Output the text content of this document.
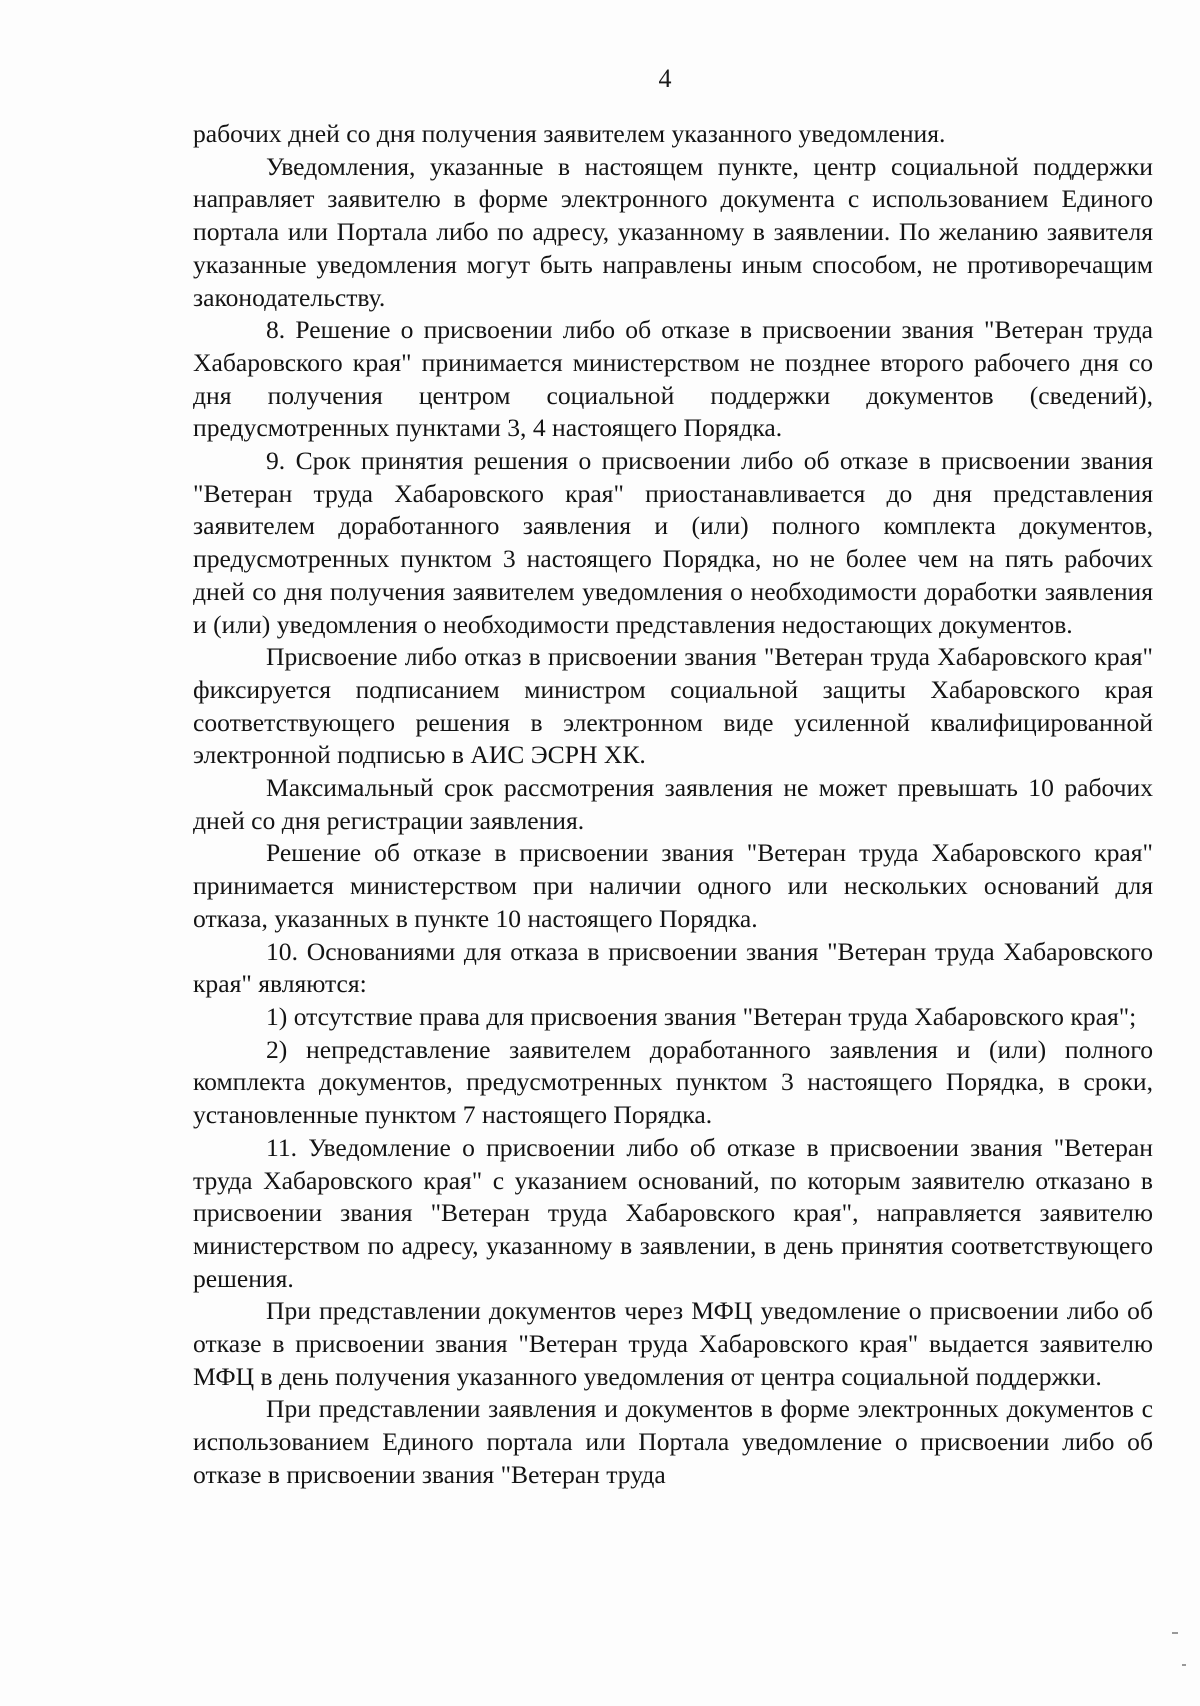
4

рабочих дней со дня получения заявителем указанного уведомления.

Уведомления, указанные в настоящем пункте, центр социальной поддержки направляет заявителю в форме электронного документа с использованием Единого портала или Портала либо по адресу, указанному в заявлении. По желанию заявителя указанные уведомления могут быть направлены иным способом, не противоречащим законодательству.

8. Решение о присвоении либо об отказе в присвоении звания "Ветеран труда Хабаровского края" принимается министерством не позднее второго рабочего дня со дня получения центром социальной поддержки документов (сведений), предусмотренных пунктами 3, 4 настоящего Порядка.

9. Срок принятия решения о присвоении либо об отказе в присвоении звания "Ветеран труда Хабаровского края" приостанавливается до дня представления заявителем доработанного заявления и (или) полного комплекта документов, предусмотренных пунктом 3 настоящего Порядка, но не более чем на пять рабочих дней со дня получения заявителем уведомления о необходимости доработки заявления и (или) уведомления о необходимости представления недостающих документов.

Присвоение либо отказ в присвоении звания "Ветеран труда Хабаровского края" фиксируется подписанием министром социальной защиты Хабаровского края соответствующего решения в электронном виде усиленной квалифицированной электронной подписью в АИС ЭСРН ХК.

Максимальный срок рассмотрения заявления не может превышать 10 рабочих дней со дня регистрации заявления.

Решение об отказе в присвоении звания "Ветеран труда Хабаровского края" принимается министерством при наличии одного или нескольких оснований для отказа, указанных в пункте 10 настоящего Порядка.

10. Основаниями для отказа в присвоении звания "Ветеран труда Хабаровского края" являются:

1) отсутствие права для присвоения звания "Ветеран труда Хабаровского края";

2) непредставление заявителем доработанного заявления и (или) полного комплекта документов, предусмотренных пунктом 3 настоящего Порядка, в сроки, установленные пунктом 7 настоящего Порядка.

11. Уведомление о присвоении либо об отказе в присвоении звания "Ветеран труда Хабаровского края" с указанием оснований, по которым заявителю отказано в присвоении звания "Ветеран труда Хабаровского края", направляется заявителю министерством по адресу, указанному в заявлении, в день принятия соответствующего решения.

При представлении документов через МФЦ уведомление о присвоении либо об отказе в присвоении звания "Ветеран труда Хабаровского края" выдается заявителю МФЦ в день получения указанного уведомления от центра социальной поддержки.

При представлении заявления и документов в форме электронных документов с использованием Единого портала или Портала уведомление о присвоении либо об отказе в присвоении звания "Ветеран труда
